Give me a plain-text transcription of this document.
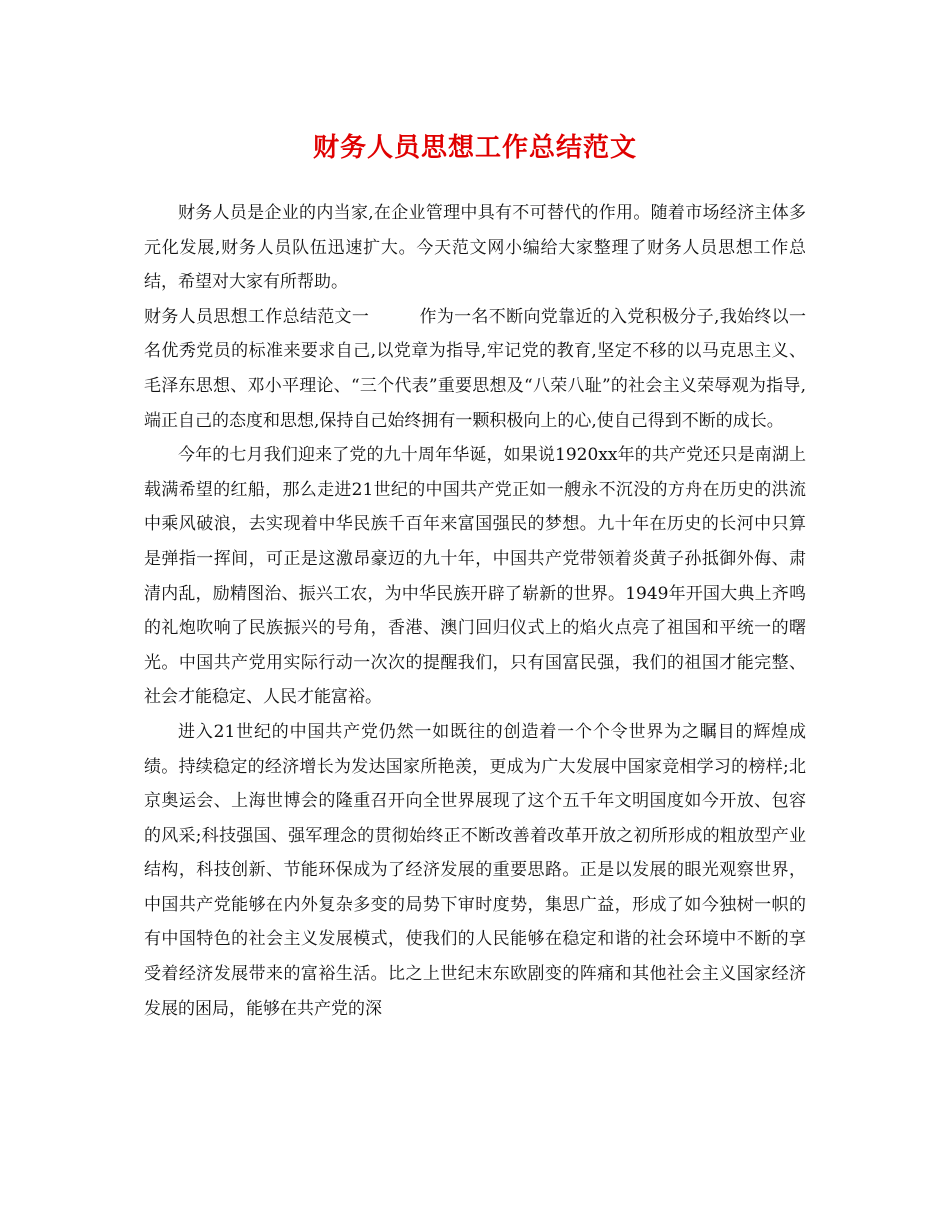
财务人员思想工作总结范文

财务人员是企业的内当家,在企业管理中具有不可替代的作用。随着市场经济主体多元化发展,财务人员队伍迅速扩大。今天范文网小编给大家整理了财务人员思想工作总结，希望对大家有所帮助。

财务人员思想工作总结范文一	作为一名不断向党靠近的入党积极分子,我始终以一名优秀党员的标准来要求自己,以党章为指导,牢记党的教育,坚定不移的以马克思主义、毛泽东思想、邓小平理论、“三个代表”重要思想及“八荣八耻”的社会主义荣辱观为指导,端正自己的态度和思想,保持自己始终拥有一颗积极向上的心,使自己得到不断的成长。

今年的七月我们迎来了党的九十周年华诞，如果说1920xx年的共产党还只是南湖上载满希望的红船，那么走进21世纪的中国共产党正如一艘永不沉没的方舟在历史的洪流中乘风破浪，去实现着中华民族千百年来富国强民的梦想。九十年在历史的长河中只算是弹指一挥间，可正是这激昂豪迈的九十年，中国共产党带领着炎黄子孙抵御外侮、肃清内乱，励精图治、振兴工农，为中华民族开辟了崭新的世界。1949年开国大典上齐鸣的礼炮吹响了民族振兴的号角，香港、澳门回归仪式上的焰火点亮了祖国和平统一的曙光。中国共产党用实际行动一次次的提醒我们，只有国富民强，我们的祖国才能完整、社会才能稳定、人民才能富裕。

进入21世纪的中国共产党仍然一如既往的创造着一个个令世界为之瞩目的辉煌成绩。持续稳定的经济增长为发达国家所艳羡，更成为广大发展中国家竞相学习的榜样;北京奥运会、上海世博会的隆重召开向全世界展现了这个五千年文明国度如今开放、包容的风采;科技强国、强军理念的贯彻始终正不断改善着改革开放之初所形成的粗放型产业结构，科技创新、节能环保成为了经济发展的重要思路。正是以发展的眼光观察世界，中国共产党能够在内外复杂多变的局势下审时度势，集思广益，形成了如今独树一帜的有中国特色的社会主义发展模式，使我们的人民能够在稳定和谐的社会环境中不断的享受着经济发展带来的富裕生活。比之上世纪末东欧剧变的阵痛和其他社会主义国家经济发展的困局，能够在共产党的深
